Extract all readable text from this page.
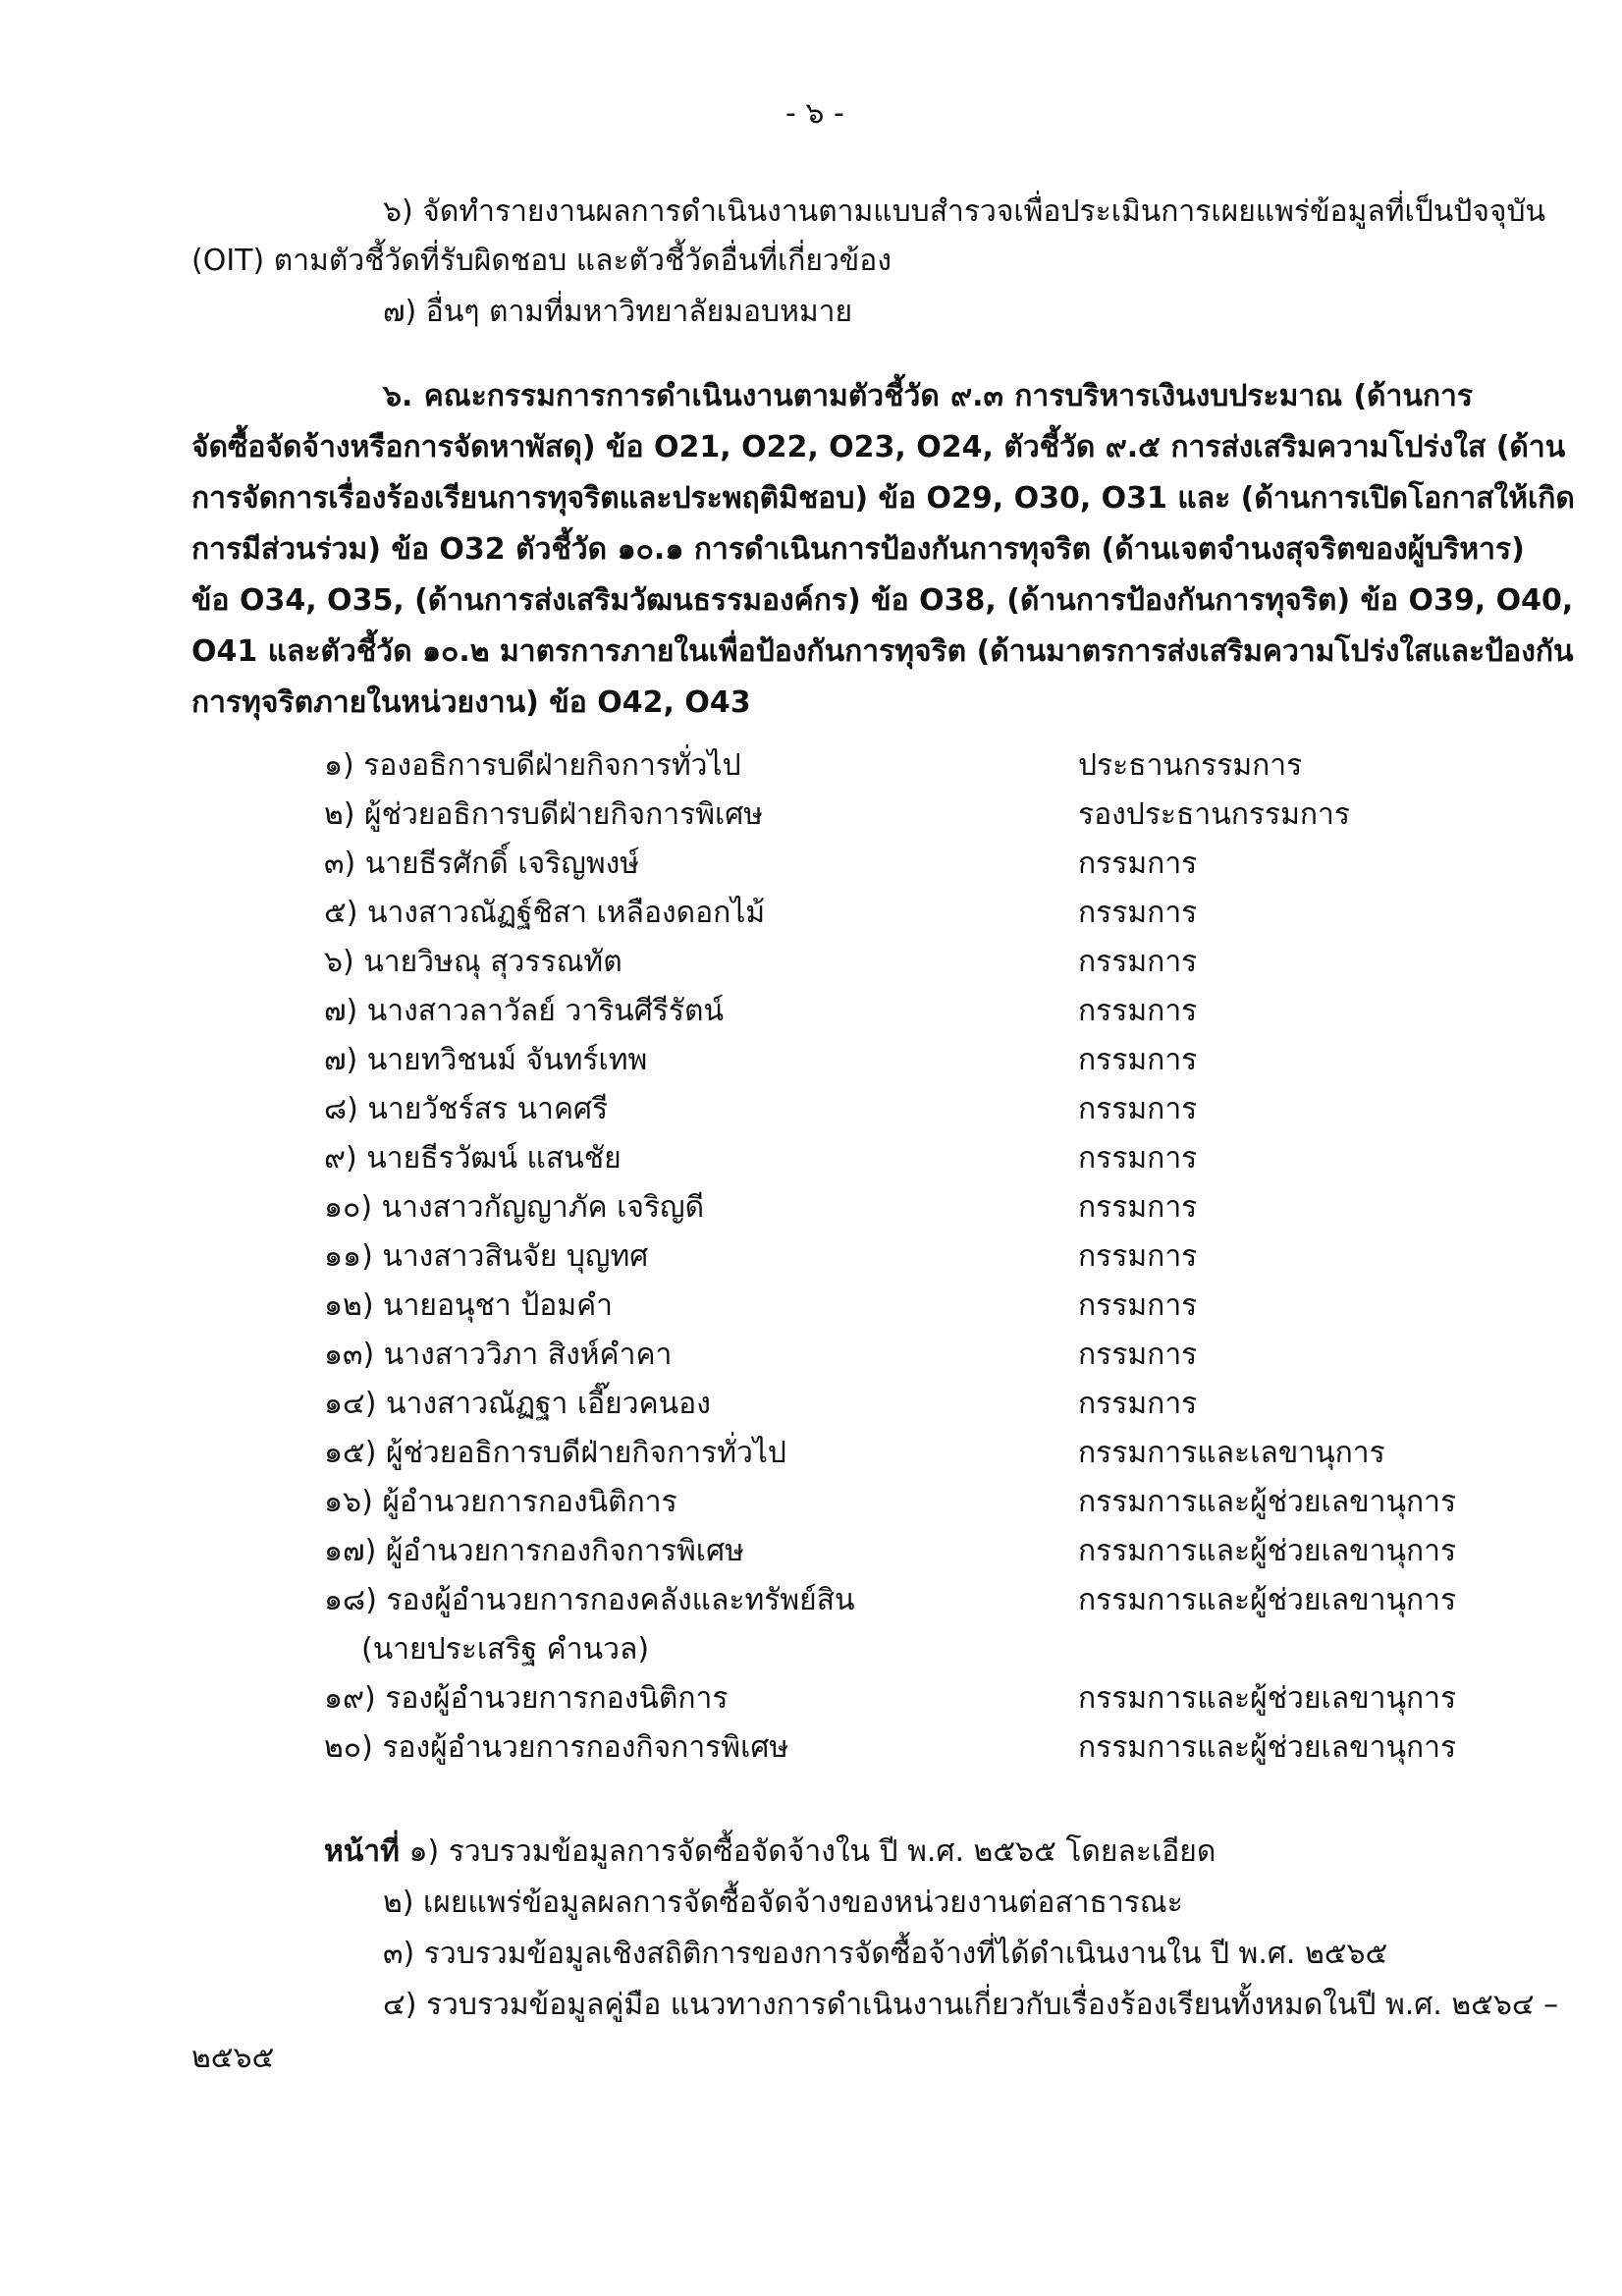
- ๖ -
๖) จัดทำรายงานผลการดำเนินงานตามแบบสำรวจเพื่อประเมินการเผยแพร่ข้อมูลที่เป็นปัจจุบัน
(OIT) ตามตัวชี้วัดที่รับผิดชอบ และตัวชี้วัดอื่นที่เกี่ยวข้อง
๗) อื่นๆ ตามที่มหาวิทยาลัยมอบหมาย
๖. คณะกรรมการการดำเนินงานตามตัวชี้วัด ๙.๓ การบริหารเงินงบประมาณ (ด้านการ
จัดซื้อจัดจ้างหรือการจัดหาพัสดุ) ข้อ O21, O22, O23, O24, ตัวชี้วัด ๙.๕ การส่งเสริมความโปร่งใส (ด้าน
การจัดการเรื่องร้องเรียนการทุจริตและประพฤติมิชอบ) ข้อ O29, O30, O31 และ (ด้านการเปิดโอกาสให้เกิด
การมีส่วนร่วม) ข้อ O32 ตัวชี้วัด ๑๐.๑ การดำเนินการป้องกันการทุจริต (ด้านเจตจำนงสุจริตของผู้บริหาร)
ข้อ O34, O35, (ด้านการส่งเสริมวัฒนธรรมองค์กร) ข้อ O38, (ด้านการป้องกันการทุจริต) ข้อ O39, O40,
O41 และตัวชี้วัด ๑๐.๒ มาตรการภายในเพื่อป้องกันการทุจริต (ด้านมาตรการส่งเสริมความโปร่งใสและป้องกัน
การทุจริตภายในหน่วยงาน) ข้อ O42, O43
๑) รองอธิการบดีฝ่ายกิจการทั่วไป	ประธานกรรมการ
๒) ผู้ช่วยอธิการบดีฝ่ายกิจการพิเศษ	รองประธานกรรมการ
๓) นายธีรศักดิ์ เจริญพงษ์	กรรมการ
๕) นางสาวณัฏฐ์ชิสา เหลืองดอกไม้	กรรมการ
๖) นายวิษณุ สุวรรณทัต	กรรมการ
๗) นางสาวลาวัลย์ วารินศีรีรัตน์	กรรมการ
๗) นายทวิชนม์ จันทร์เทพ	กรรมการ
๘) นายวัชร์สร นาคศรี	กรรมการ
๙) นายธีรวัฒน์ แสนชัย	กรรมการ
๑๐) นางสาวกัญญาภัค เจริญดี	กรรมการ
๑๑) นางสาวสินจัย บุญทศ	กรรมการ
๑๒) นายอนุชา ป้อมคำ	กรรมการ
๑๓) นางสาววิภา สิงห์คำคา	กรรมการ
๑๔) นางสาวณัฏฐา เอี๊ยวคนอง	กรรมการ
๑๕) ผู้ช่วยอธิการบดีฝ่ายกิจการทั่วไป	กรรมการและเลขานุการ
๑๖) ผู้อำนวยการกองนิติการ	กรรมการและผู้ช่วยเลขานุการ
๑๗) ผู้อำนวยการกองกิจการพิเศษ	กรรมการและผู้ช่วยเลขานุการ
๑๘) รองผู้อำนวยการกองคลังและทรัพย์สิน	กรรมการและผู้ช่วยเลขานุการ
(นายประเสริฐ คำนวล)
๑๙) รองผู้อำนวยการกองนิติการ	กรรมการและผู้ช่วยเลขานุการ
๒๐) รองผู้อำนวยการกองกิจการพิเศษ	กรรมการและผู้ช่วยเลขานุการ
หน้าที่ ๑) รวบรวมข้อมูลการจัดซื้อจัดจ้างใน ปี พ.ศ. ๒๕๖๕ โดยละเอียด
๒) เผยแพร่ข้อมูลผลการจัดซื้อจัดจ้างของหน่วยงานต่อสาธารณะ
๓) รวบรวมข้อมูลเชิงสถิติการของการจัดซื้อจ้างที่ได้ดำเนินงานใน ปี พ.ศ. ๒๕๖๕
๔) รวบรวมข้อมูลคู่มือ แนวทางการดำเนินงานเกี่ยวกับเรื่องร้องเรียนทั้งหมดในปี พ.ศ. ๒๕๖๔ –
๒๕๖๕
